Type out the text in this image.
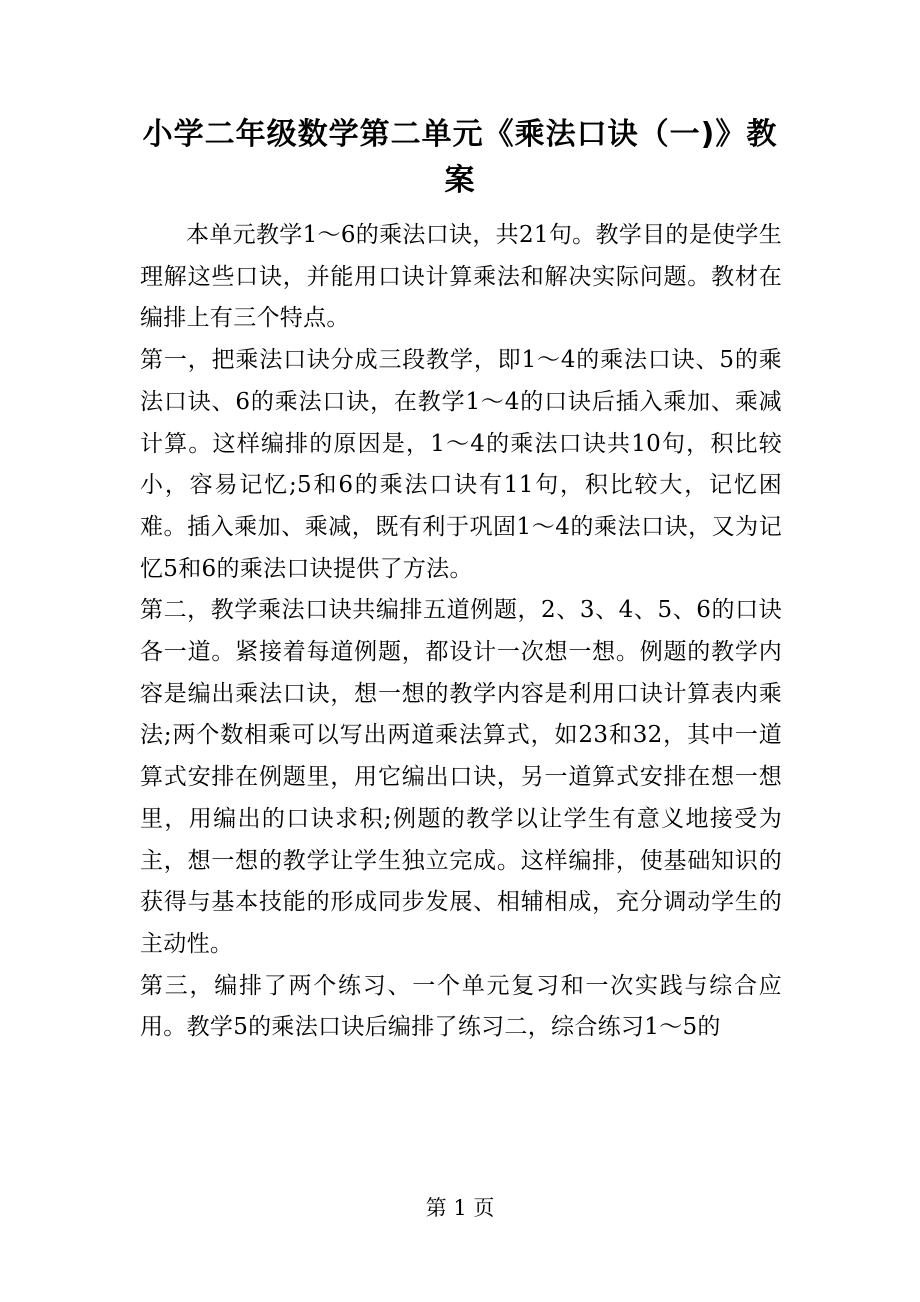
小学二年级数学第二单元《乘法口诀（一)》教案

本单元教学1～6的乘法口诀，共21句。教学目的是使学生理解这些口诀，并能用口诀计算乘法和解决实际问题。教材在编排上有三个特点。

第一，把乘法口诀分成三段教学，即1～4的乘法口诀、5的乘法口诀、6的乘法口诀，在教学1～4的口诀后插入乘加、乘减计算。这样编排的原因是，1～4的乘法口诀共10句，积比较小，容易记忆;5和6的乘法口诀有11句，积比较大，记忆困难。插入乘加、乘减，既有利于巩固1～4的乘法口诀，又为记忆5和6的乘法口诀提供了方法。

第二，教学乘法口诀共编排五道例题，2、3、4、5、6的口诀各一道。紧接着每道例题，都设计一次想一想。例题的教学内容是编出乘法口诀，想一想的教学内容是利用口诀计算表内乘法;两个数相乘可以写出两道乘法算式，如23和32，其中一道算式安排在例题里，用它编出口诀，另一道算式安排在想一想里，用编出的口诀求积;例题的教学以让学生有意义地接受为主，想一想的教学让学生独立完成。这样编排，使基础知识的获得与基本技能的形成同步发展、相辅相成，充分调动学生的主动性。

第三，编排了两个练习、一个单元复习和一次实践与综合应用。教学5的乘法口诀后编排了练习二，综合练习1～5的

第 1 页
